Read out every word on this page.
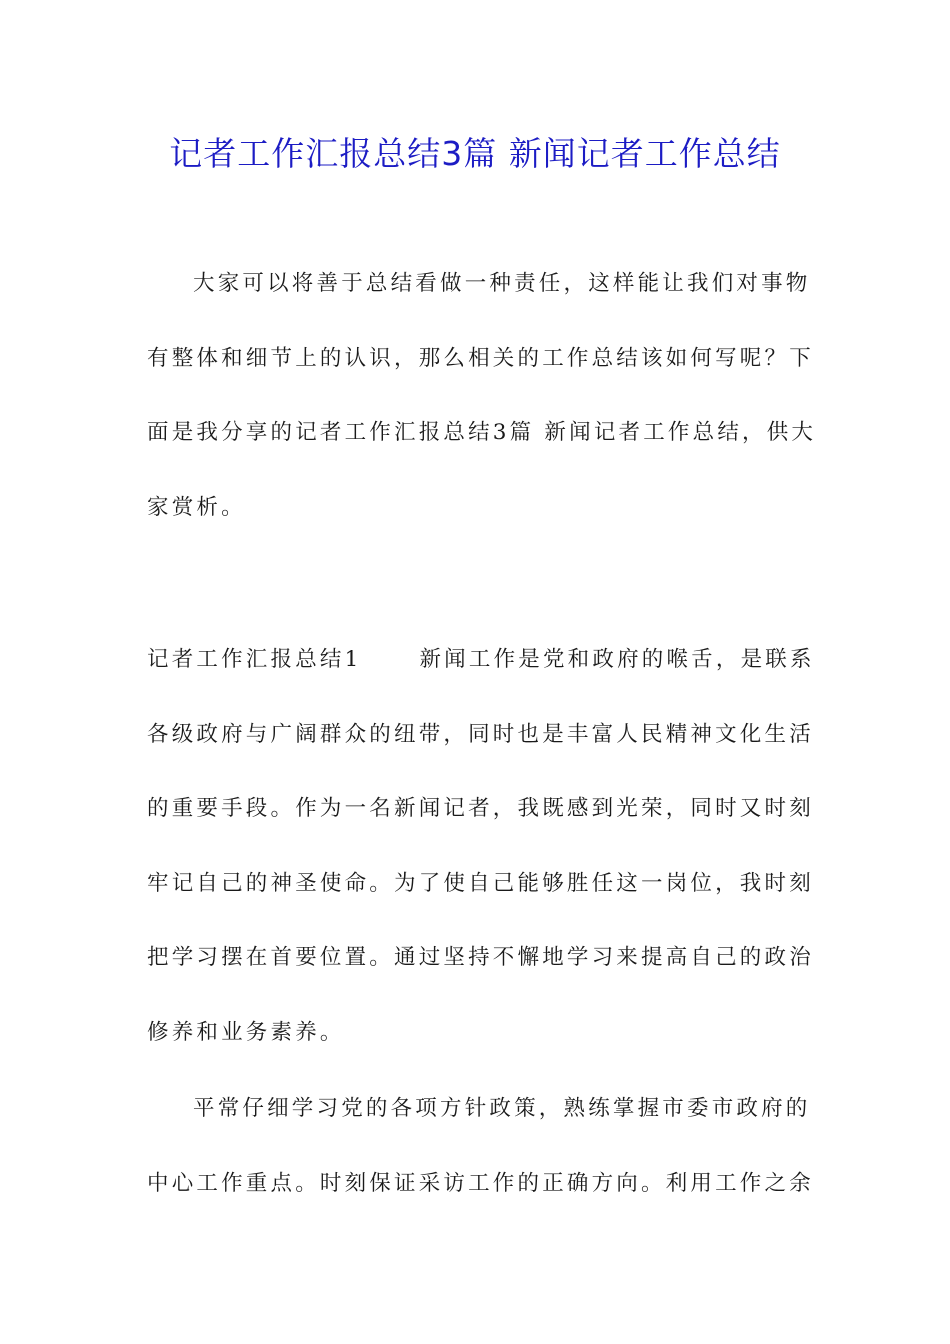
记者工作汇报总结3篇 新闻记者工作总结
大家可以将善于总结看做一种责任，这样能让我们对事物
有整体和细节上的认识，那么相关的工作总结该如何写呢？下
面是我分享的记者工作汇报总结3篇 新闻记者工作总结，供大
家赏析。
记者工作汇报总结1	新闻工作是党和政府的喉舌，是联系
各级政府与广阔群众的纽带，同时也是丰富人民精神文化生活
的重要手段。作为一名新闻记者，我既感到光荣，同时又时刻
牢记自己的神圣使命。为了使自己能够胜任这一岗位，我时刻
把学习摆在首要位置。通过坚持不懈地学习来提高自己的政治
修养和业务素养。
平常仔细学习党的各项方针政策，熟练掌握市委市政府的
中心工作重点。时刻保证采访工作的正确方向。利用工作之余
